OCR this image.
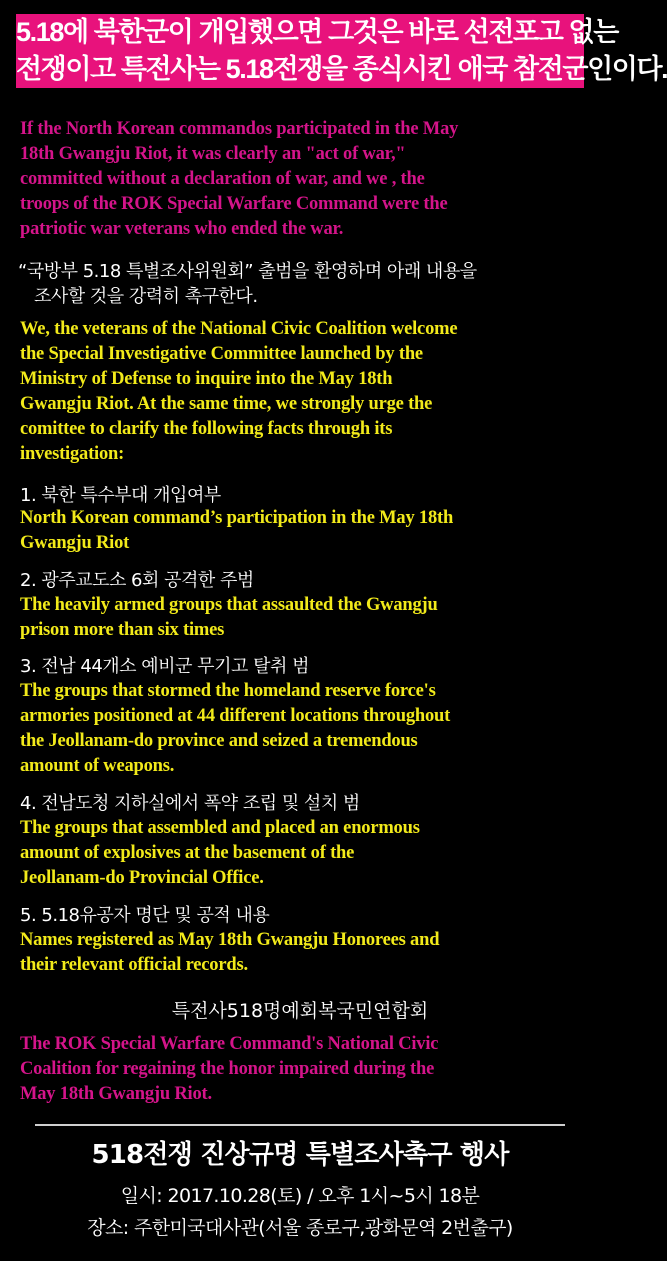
5.18에 북한군이 개입했으면 그것은 바로 선전포고 없는
전쟁이고 특전사는 5.18전쟁을 종식시킨 애국 참전군인이다.
If the North Korean commandos participated in the May
18th Gwangju Riot, it was clearly an "act of war,"
committed without a declaration of war, and we , the
troops of the ROK Special Warfare Command were the
patriotic war veterans who ended the war.
“국방부 5.18 특별조사위원회” 출범을 환영하며 아래 내용을
조사할 것을 강력히 촉구한다.
We, the veterans of the National Civic Coalition welcome
the Special Investigative Committee launched by the
Ministry of Defense to inquire into the May 18th
Gwangju Riot. At the same time, we strongly urge the
comittee to clarify the following facts through its
investigation:
1. 북한 특수부대 개입여부
North Korean command’s participation in the May 18th
Gwangju Riot
2. 광주교도소 6회 공격한 주범
The heavily armed groups that assaulted the Gwangju
prison more than six times
3. 전남 44개소 예비군 무기고 탈취 범
The groups that stormed the homeland reserve force's
armories positioned at 44 different locations throughout
the Jeollanam-do province and seized a tremendous
amount of weapons.
4. 전남도청 지하실에서 폭약 조립 및 설치 범
The groups that assembled and placed an enormous
amount of explosives at the basement of the
Jeollanam-do Provincial Office.
5. 5.18유공자 명단 및 공적 내용
Names registered as May 18th Gwangju Honorees and
their relevant official records.
특전사518명예회복국민연합회
The ROK Special Warfare Command's National Civic
Coalition for regaining the honor impaired during the
May 18th Gwangju Riot.
518전쟁 진상규명 특별조사촉구 행사
일시: 2017.10.28(토) / 오후 1시~5시 18분
장소: 주한미국대사관(서울 종로구,광화문역 2번출구)
